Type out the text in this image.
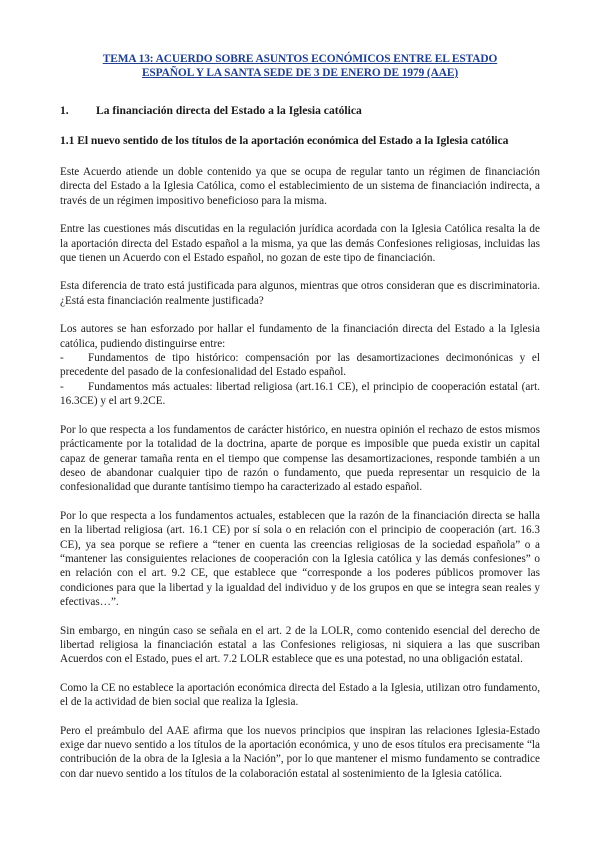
TEMA 13: ACUERDO SOBRE ASUNTOS ECONÓMICOS ENTRE EL ESTADO
ESPAÑOL Y LA SANTA SEDE DE 3 DE ENERO DE 1979 (AAE)
1.	La financiación directa del Estado a la Iglesia católica
1.1 El nuevo sentido de los títulos de la aportación económica del Estado a la Iglesia católica

Este Acuerdo atiende un doble contenido ya que se ocupa de regular tanto un régimen de financiación directa del Estado a la Iglesia Católica, como el establecimiento de un sistema de financiación indirecta, a través de un régimen impositivo beneficioso para la misma.

Entre las cuestiones más discutidas en la regulación jurídica acordada con la Iglesia Católica resalta la de la aportación directa del Estado español a la misma, ya que las demás Confesiones religiosas, incluidas las que tienen un Acuerdo con el Estado español, no gozan de este tipo de financiación.

Esta diferencia de trato está justificada para algunos, mientras que otros consideran que es discriminatoria. ¿Está esta financiación realmente justificada?

Los autores se han esforzado por hallar el fundamento de la financiación directa del Estado a la Iglesia católica, pudiendo distinguirse entre:

-	Fundamentos de tipo histórico: compensación por las desamortizaciones decimonónicas y el precedente del pasado de la confesionalidad del Estado español.
-	Fundamentos más actuales: libertad religiosa (art.16.1 CE), el principio de cooperación estatal (art. 16.3CE) y el art 9.2CE.

Por lo que respecta a los fundamentos de carácter histórico, en nuestra opinión el rechazo de estos mismos prácticamente por la totalidad de la doctrina, aparte de porque es imposible que pueda existir un capital capaz de generar tamaña renta en el tiempo que compense las desamortizaciones, responde también a un deseo de abandonar cualquier tipo de razón o fundamento, que pueda representar un resquicio de la confesionalidad que durante tantísimo tiempo ha caracterizado al estado español.

Por lo que respecta a los fundamentos actuales, establecen que la razón de la financiación directa se halla en la libertad religiosa (art. 16.1 CE) por sí sola o en relación con el principio de cooperación (art. 16.3 CE), ya sea porque se refiere a “tener en cuenta las creencias religiosas de la sociedad española” o a “mantener las consiguientes relaciones de cooperación con la Iglesia católica y las demás confesiones” o en relación con el art. 9.2 CE, que establece que “corresponde a los poderes públicos promover las condiciones para que la libertad y la igualdad del individuo y de los grupos en que se integra sean reales y efectivas…”.

Sin embargo, en ningún caso se señala en el art. 2 de la LOLR, como contenido esencial del derecho de libertad religiosa la financiación estatal a las Confesiones religiosas, ni siquiera a las que suscriban Acuerdos con el Estado, pues el art. 7.2 LOLR establece que es una potestad, no una obligación estatal.

Como la CE no establece la aportación económica directa del Estado a la Iglesia, utilizan otro fundamento, el de la actividad de bien social que realiza la Iglesia.

Pero el preámbulo del AAE afirma que los nuevos principios que inspiran las relaciones Iglesia-Estado exige dar nuevo sentido a los títulos de la aportación económica, y uno de esos títulos era precisamente “la contribución de la obra de la Iglesia a la Nación”, por lo que mantener el mismo fundamento se contradice con dar nuevo sentido a los títulos de la colaboración estatal al sostenimiento de la Iglesia católica.
